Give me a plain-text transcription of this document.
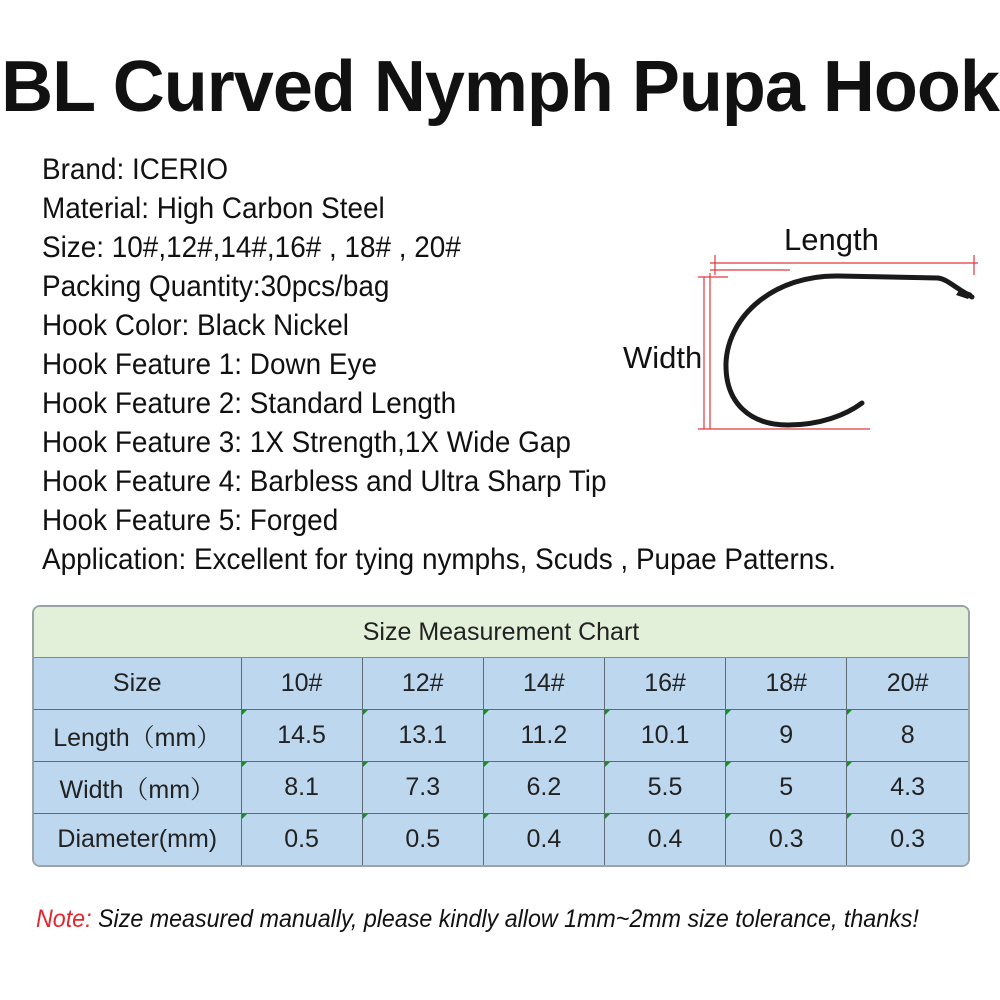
BL Curved Nymph Pupa Hook
Brand: ICERIO
Material: High Carbon Steel
Size: 10#,12#,14#,16# , 18# , 20#
Packing Quantity:30pcs/bag
Hook Color: Black Nickel
Hook Feature 1: Down Eye
Hook Feature 2: Standard Length
Hook Feature 3: 1X Strength,1X Wide Gap
Hook Feature 4: Barbless and Ultra Sharp Tip
Hook Feature 5: Forged
Application: Excellent for tying nymphs, Scuds , Pupae Patterns.
Length
Width
Size Measurement Chart
Size	10#	12#	14#	16#	18#	20#
Length（mm）	14.5	13.1	11.2	10.1	9	8
Width（mm）	8.1	7.3	6.2	5.5	5	4.3
Diameter(mm)	0.5	0.5	0.4	0.4	0.3	0.3
Note: Size measured manually, please kindly allow 1mm~2mm size tolerance, thanks!
